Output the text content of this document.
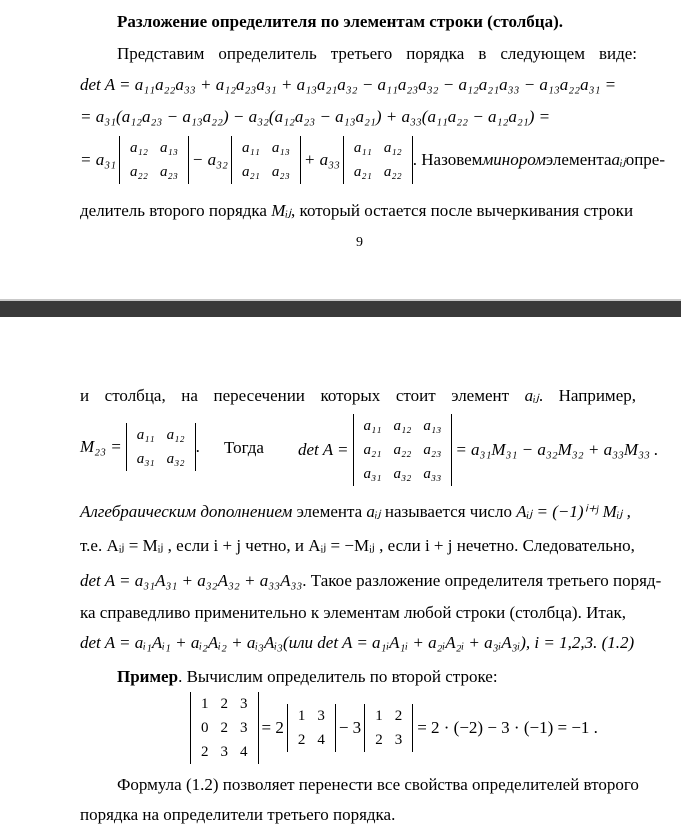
Разложение определителя по элементам строки (столбца).
Представим определитель третьего порядка в следующем виде:
det A = a₁₁a₂₂a₃₃ + a₁₂a₂₃a₃₁ + a₁₃a₂₁a₃₂ − a₁₁a₂₃a₃₂ − a₁₂a₂₁a₃₃ − a₁₃a₂₂a₃₁ =
= a₃₁(a₁₂a₂₃ − a₁₃a₂₂) − a₃₂(a₁₂a₂₃ − a₁₃a₂₁) + a₃₃(a₁₁a₂₂ − a₁₂a₂₁) =
= a₃₁
a₁₂	a₁₃
a₂₂	a₂₃
− a₃₂
a₁₁	a₁₃
a₂₁	a₂₃
+ a₃₃
a₁₁	a₁₂
a₂₁	a₂₂
. Назовем минором элемента aᵢⱼ опре-
делитель второго порядка Mᵢⱼ, который остается после вычеркивания строки
9
и столбца, на пересечении которых стоит элемент aᵢⱼ. Например,
M₂₃ =
a₁₁	a₁₂
a₃₁	a₃₂
. Тогда det A =
a₁₁	a₁₂	a₁₃
a₂₁	a₂₂	a₂₃
a₃₁	a₃₂	a₃₃
= a₃₁M₃₁ − a₃₂M₃₂ + a₃₃M₃₃ .
Алгебраическим дополнением элемента aᵢⱼ называется число Aᵢⱼ = (−1)ⁱ⁺ʲ Mᵢⱼ ,
т.е. Aᵢⱼ = Mᵢⱼ , если i + j четно, и Aᵢⱼ = −Mᵢⱼ , если i + j нечетно. Следовательно,
det A = a₃₁A₃₁ + a₃₂A₃₂ + a₃₃A₃₃. Такое разложение определителя третьего поряд-
ка справедливо применительно к элементам любой строки (столбца). Итак,
det A = aᵢ₁Aᵢ₁ + aᵢ₂Aᵢ₂ + aᵢ₃Aᵢ₃(или det A = a₁ᵢA₁ᵢ + a₂ᵢA₂ᵢ + a₃ᵢA₃ᵢ), i = 1,2,3. (1.2)
Пример. Вычислим определитель по второй строке:
1	2	3
0	2	3
2	3	4
= 2
1	3
2	4
− 3
1	2
2	3
= 2 · (−2) − 3 · (−1) = −1 .
Формула (1.2) позволяет перенести все свойства определителей второго
порядка на определители третьего порядка.
